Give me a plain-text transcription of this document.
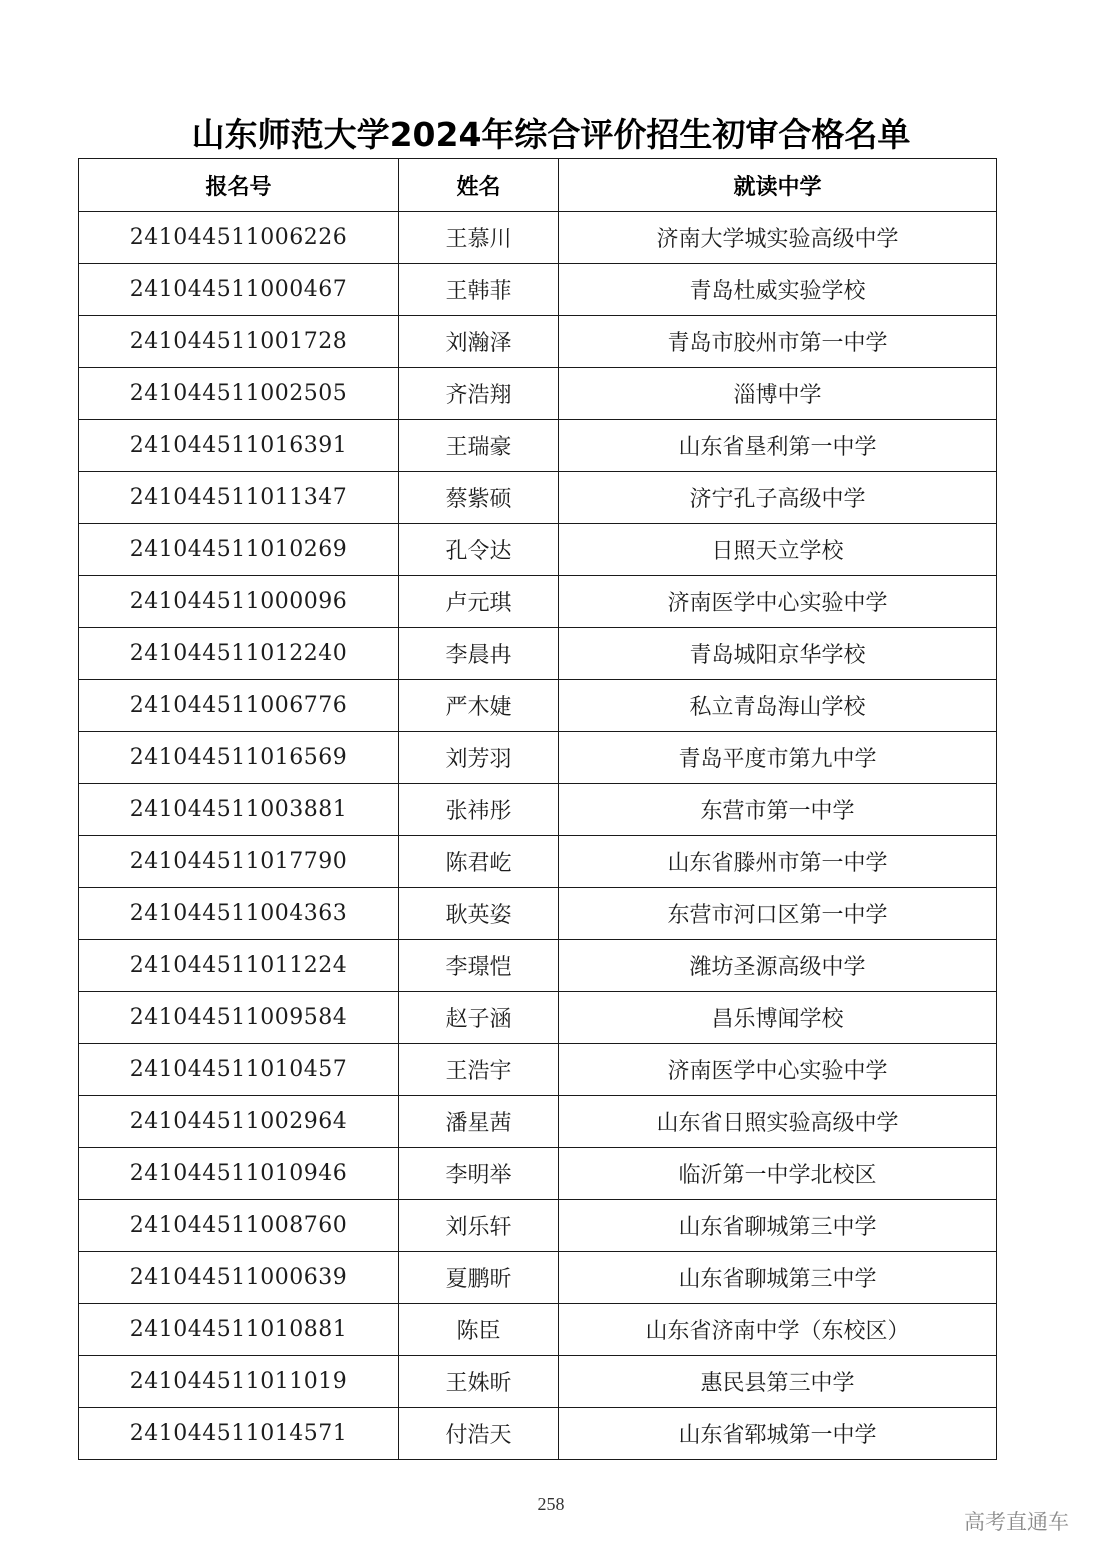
山东师范大学2024年综合评价招生初审合格名单
报名号	姓名	就读中学
241044511006226	王慕川	济南大学城实验高级中学
241044511000467	王韩菲	青岛杜威实验学校
241044511001728	刘瀚泽	青岛市胶州市第一中学
241044511002505	齐浩翔	淄博中学
241044511016391	王瑞豪	山东省垦利第一中学
241044511011347	蔡紫硕	济宁孔子高级中学
241044511010269	孔令达	日照天立学校
241044511000096	卢元琪	济南医学中心实验中学
241044511012240	李晨冉	青岛城阳京华学校
241044511006776	严木婕	私立青岛海山学校
241044511016569	刘芳羽	青岛平度市第九中学
241044511003881	张祎彤	东营市第一中学
241044511017790	陈君屹	山东省滕州市第一中学
241044511004363	耿英姿	东营市河口区第一中学
241044511011224	李璟恺	潍坊圣源高级中学
241044511009584	赵子涵	昌乐博闻学校
241044511010457	王浩宇	济南医学中心实验中学
241044511002964	潘星茜	山东省日照实验高级中学
241044511010946	李明举	临沂第一中学北校区
241044511008760	刘乐轩	山东省聊城第三中学
241044511000639	夏鹏昕	山东省聊城第三中学
241044511010881	陈臣	山东省济南中学（东校区）
241044511011019	王姝昕	惠民县第三中学
241044511014571	付浩天	山东省郓城第一中学
258
高考直通车
